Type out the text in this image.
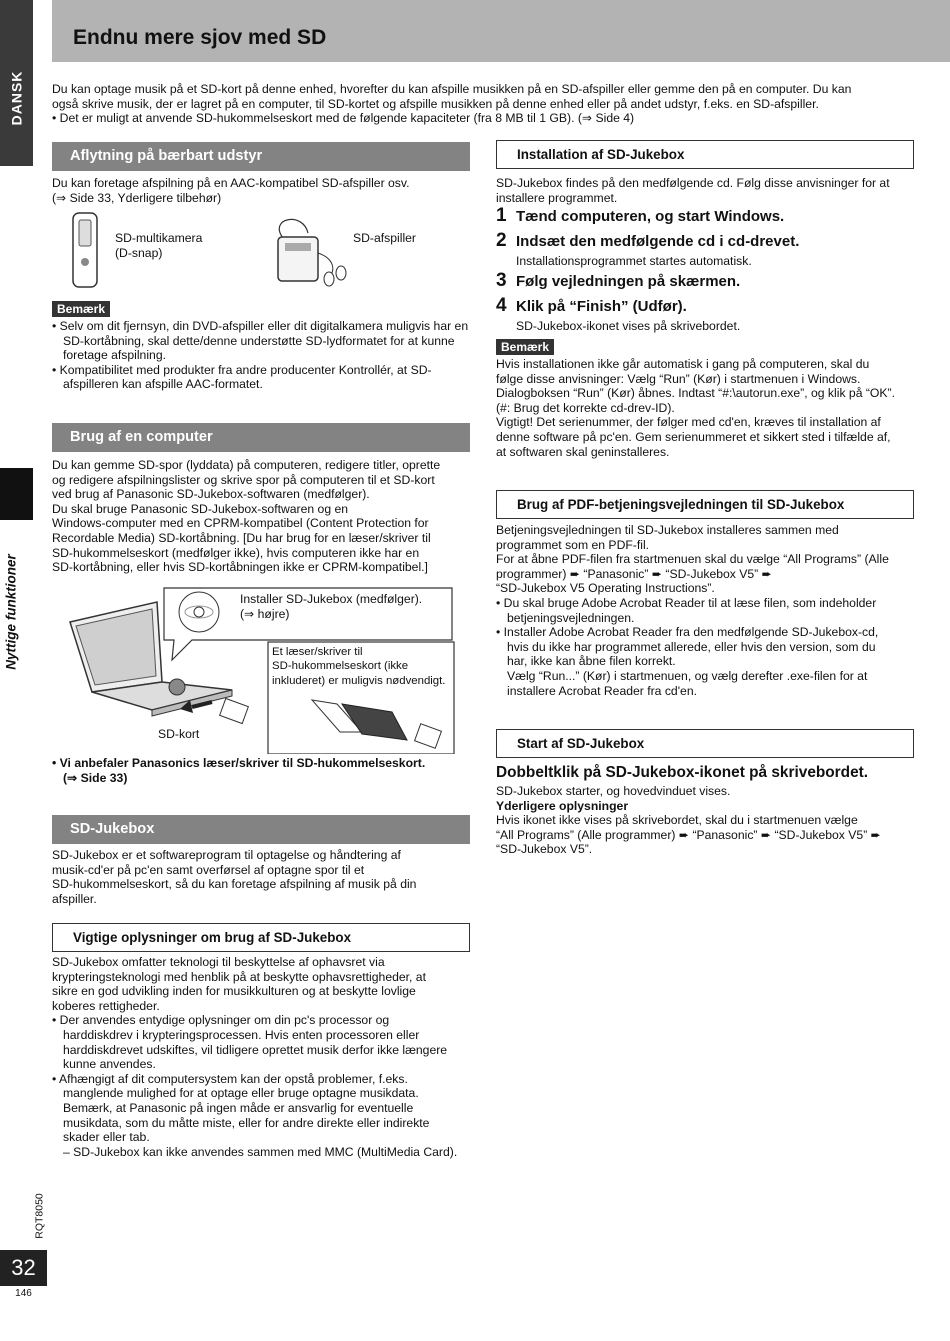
DANSK
Nyttige funktioner
RQT8050
32
146
Endnu mere sjov med SD

Du kan optage musik på et SD-kort på denne enhed, hvorefter du kan afspille musikken på en SD-afspiller eller gemme den på en computer. Du kan

også skrive musik, der er lagret på en computer, til SD-kortet og afspille musikken på denne enhed eller på andet udstyr, f.eks. en SD-afspiller.

• Det er muligt at anvende SD-hukommelseskort med de følgende kapaciteter (fra 8 MB til 1 GB). (⇒ Side 4)

Aflytning på bærbart udstyr

Du kan foretage afspilning på en AAC-kompatibel SD-afspiller osv.

(⇒ Side 33, Yderligere tilbehør)

SD-multikamera

(D-snap)

SD-afspiller
Bemærk

• Selv om dit fjernsyn, din DVD-afspiller eller dit digitalkamera muligvis har en SD-kortåbning, skal dette/denne understøtte SD-lydformatet for at kunne foretage afspilning.

• Kompatibilitet med produkter fra andre producenter Kontrollér, at SD-afspilleren kan afspille AAC-formatet.

Brug af en computer

Du kan gemme SD-spor (lyddata) på computeren, redigere titler, oprette

og redigere afspilningslister og skrive spor på computeren til et SD-kort

ved brug af Panasonic SD-Jukebox-softwaren (medfølger).

Du skal bruge Panasonic SD-Jukebox-softwaren og en

Windows-computer med en CPRM-kompatibel (Content Protection for

Recordable Media) SD-kortåbning. [Du har brug for en læser/skriver til

SD-hukommelseskort (medfølger ikke), hvis computeren ikke har en

SD-kortåbning, eller hvis SD-kortåbningen ikke er CPRM-kompatibel.]

Installer SD-Jukebox (medfølger).

(⇒ højre)

Et læser/skriver til

SD-hukommelseskort (ikke

inkluderet) er muligvis nødvendigt.

SD-kort

• Vi anbefaler Panasonics læser/skriver til SD-hukommelseskort.

(⇒ Side 33)

SD-Jukebox

SD-Jukebox er et softwareprogram til optagelse og håndtering af

musik-cd'er på pc'en samt overførsel af optagne spor til et

SD-hukommelseskort, så du kan foretage afspilning af musik på din

afspiller.

Vigtige oplysninger om brug af SD-Jukebox

SD-Jukebox omfatter teknologi til beskyttelse af ophavsret via

krypteringsteknologi med henblik på at beskytte ophavsrettigheder, at

sikre en god udvikling inden for musikkulturen og at beskytte lovlige

koberes rettigheder.

• Der anvendes entydige oplysninger om din pc's processor og

harddiskdrev i krypteringsprocessen. Hvis enten processoren eller

harddiskdrevet udskiftes, vil tidligere oprettet musik derfor ikke længere

kunne anvendes.

• Afhængigt af dit computersystem kan der opstå problemer, f.eks.

manglende mulighed for at optage eller bruge optagne musikdata.

Bemærk, at Panasonic på ingen måde er ansvarlig for eventuelle

musikdata, som du måtte miste, eller for andre direkte eller indirekte

skader eller tab.

– SD-Jukebox kan ikke anvendes sammen med MMC (MultiMedia Card).

Installation af SD-Jukebox

SD-Jukebox findes på den medfølgende cd. Følg disse anvisninger for at

installere programmet.

1 Tænd computeren, og start Windows.

2 Indsæt den medfølgende cd i cd-drevet.

Installationsprogrammet startes automatisk.

3 Følg vejledningen på skærmen.

4 Klik på “Finish” (Udfør).

SD-Jukebox-ikonet vises på skrivebordet.

Bemærk

Hvis installationen ikke går automatisk i gang på computeren, skal du

følge disse anvisninger: Vælg “Run” (Kør) i startmenuen i Windows.

Dialogboksen “Run” (Kør) åbnes. Indtast “#:\autorun.exe”, og klik på “OK”.

(#: Brug det korrekte cd-drev-ID).

Vigtigt! Det serienummer, der følger med cd'en, kræves til installation af

denne software på pc'en. Gem serienummeret et sikkert sted i tilfælde af,

at softwaren skal geninstalleres.

Brug af PDF-betjeningsvejledningen til SD-Jukebox

Betjeningsvejledningen til SD-Jukebox installeres sammen med

programmet som en PDF-fil.

For at åbne PDF-filen fra startmenuen skal du vælge “All Programs” (Alle

programmer) ➨ “Panasonic” ➨ “SD-Jukebox V5” ➨

“SD-Jukebox V5 Operating Instructions”.

• Du skal bruge Adobe Acrobat Reader til at læse filen, som indeholder

betjeningsvejledningen.

• Installer Adobe Acrobat Reader fra den medfølgende SD-Jukebox-cd,

hvis du ikke har programmet allerede, eller hvis den version, som du

har, ikke kan åbne filen korrekt.

Vælg “Run...” (Kør) i startmenuen, og vælg derefter .exe-filen for at

installere Acrobat Reader fra cd'en.

Start af SD-Jukebox

Dobbeltklik på SD-Jukebox-ikonet på skrivebordet.

SD-Jukebox starter, og hovedvinduet vises.

Yderligere oplysninger

Hvis ikonet ikke vises på skrivebordet, skal du i startmenuen vælge

“All Programs” (Alle programmer) ➨ “Panasonic” ➨ “SD-Jukebox V5” ➨

“SD-Jukebox V5”.
